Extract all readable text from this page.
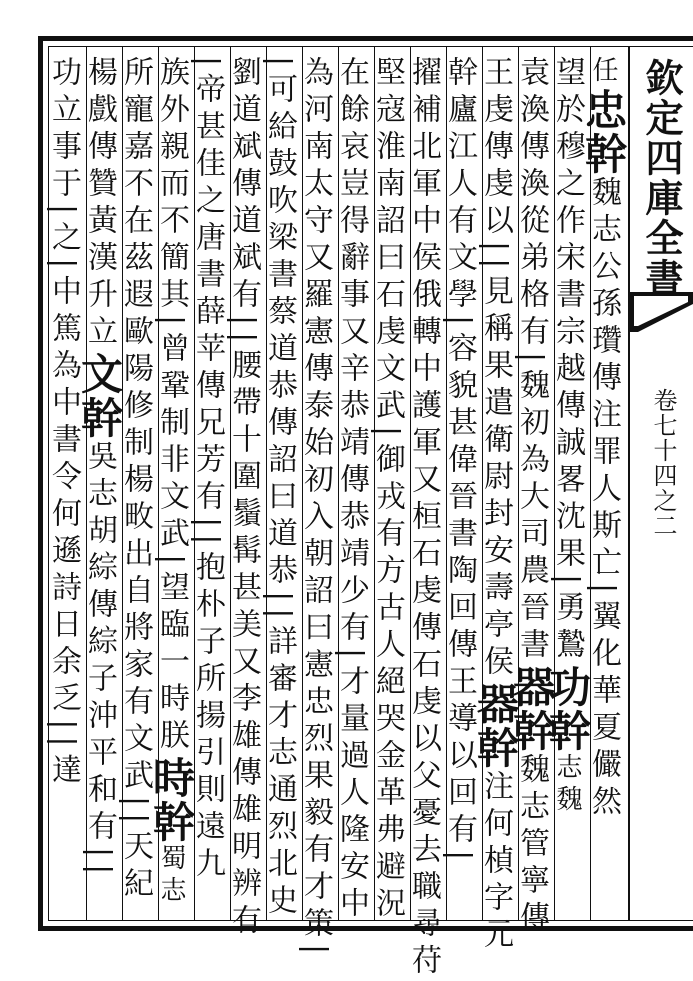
欽定四庫全書
卷七十四之二
任忠幹魏志公孫瓚傳注罪人斯亡|翼化華夏儼然
望於穆之作宋書宗越傳誠畧沈果|勇鷙功幹志魏
袁渙傳渙從弟格有|魏初為大司農晉書器幹魏志管寧傳
王虔傳虔以||見稱果遣衛尉封安壽亭侯器幹注何楨字元
幹廬江人有文學|容貌甚偉晉書陶回傳王導以回有|
擢補北軍中侯俄轉中護軍又桓石虔傳石虔以父憂去職尋苻
堅寇淮南詔曰石虔文武|御戎有方古人絕哭金革弗避況
在餘哀豈得辭事又辛恭靖傳恭靖少有|才量過人隆安中
為河南太守又羅憲傳泰始初入朝詔曰憲忠烈果毅有才策|
|可給鼓吹梁書蔡道恭傳詔曰道恭||詳審才志通烈北史
劉道斌傳道斌有||腰帶十圍鬚髯甚美又李雄傳雄明辨有
|帝甚佳之唐書薛苹傳兄芳有||抱朴子所揚引則遠九
族外親而不簡其|曾鞏制非文武|望臨一時朕時幹蜀志
所寵嘉不在茲遐歐陽修制楊畋出自將家有文武||天紀
楊戲傳贊黃漢升立文幹吳志胡綜傳綜子沖平和有||
功立事于|之|中篤為中書令何遜詩日余乏||達
